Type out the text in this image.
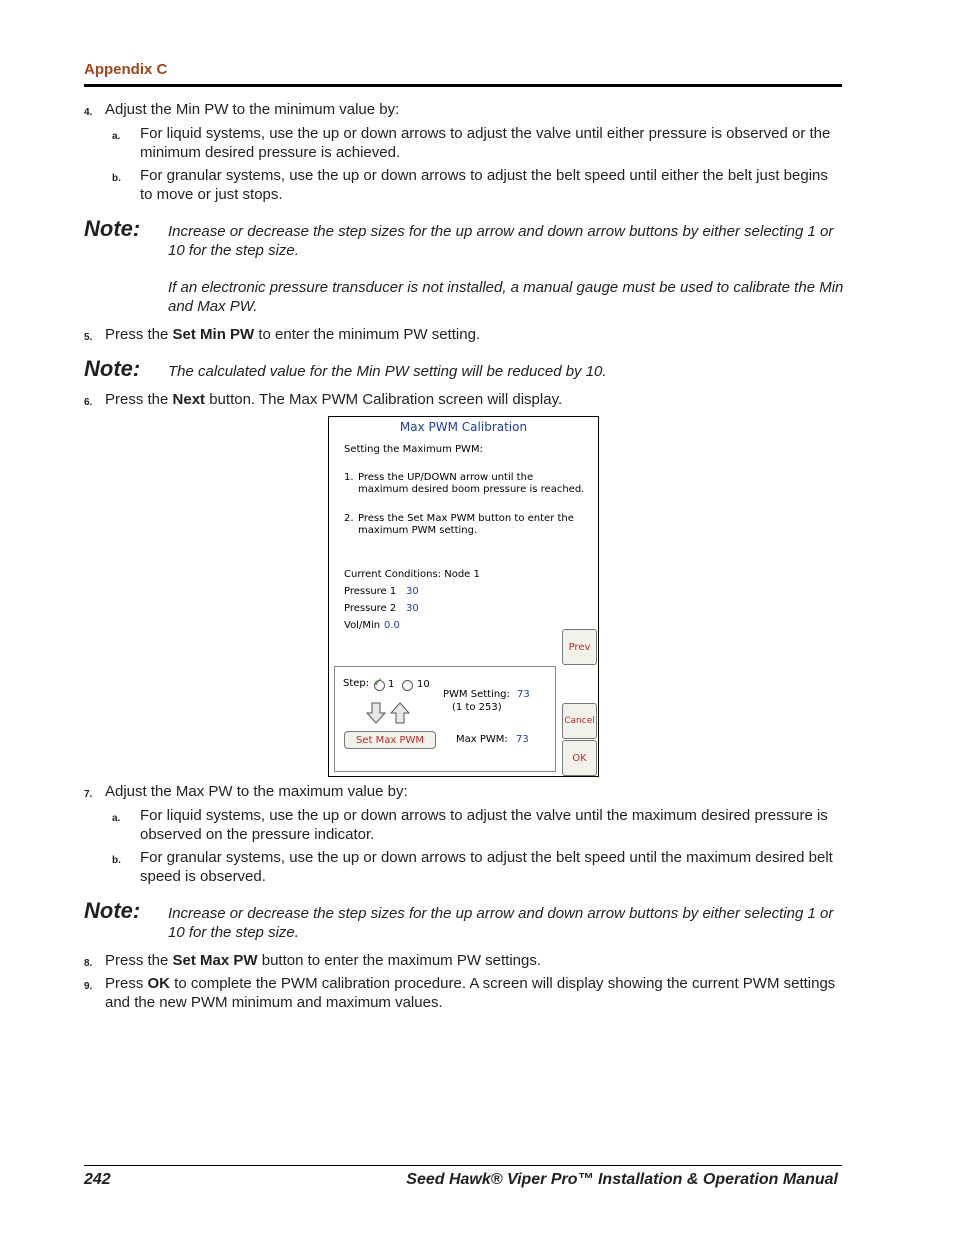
Appendix C
4. Adjust the Min PW to the minimum value by:
a. For liquid systems, use the up or down arrows to adjust the valve until either pressure is observed or the minimum desired pressure is achieved.
b. For granular systems, use the up or down arrows to adjust the belt speed until either the belt just begins to move or just stops.
Note: Increase or decrease the step sizes for the up arrow and down arrow buttons by either selecting 1 or 10 for the step size.
If an electronic pressure transducer is not installed, a manual gauge must be used to calibrate the Min and Max PW.
5. Press the Set Min PW to enter the minimum PW setting.
Note: The calculated value for the Min PW setting will be reduced by 10.
6. Press the Next button. The Max PWM Calibration screen will display.
Max PWM Calibration
Setting the Maximum PWM:
1. Press the UP/DOWN arrow until the
maximum desired boom pressure is reached.
2. Press the Set Max PWM button to enter the
maximum PWM setting.
Current Conditions: Node 1
Pressure 1 30
Pressure 2 30
Vol/Min 0.0
Prev
Cancel
OK
Step: ✓ 1 10
Set Max PWM
PWM Setting: 73
(1 to 253)
Max PWM: 73
7. Adjust the Max PW to the maximum value by:
a. For liquid systems, use the up or down arrows to adjust the valve until the maximum desired pressure is observed on the pressure indicator.
b. For granular systems, use the up or down arrows to adjust the belt speed until the maximum desired belt speed is observed.
Note: Increase or decrease the step sizes for the up arrow and down arrow buttons by either selecting 1 or 10 for the step size.
8. Press the Set Max PW button to enter the maximum PW settings.
9. Press OK to complete the PWM calibration procedure. A screen will display showing the current PWM settings and the new PWM minimum and maximum values.
242	Seed Hawk® Viper Pro™ Installation & Operation Manual
